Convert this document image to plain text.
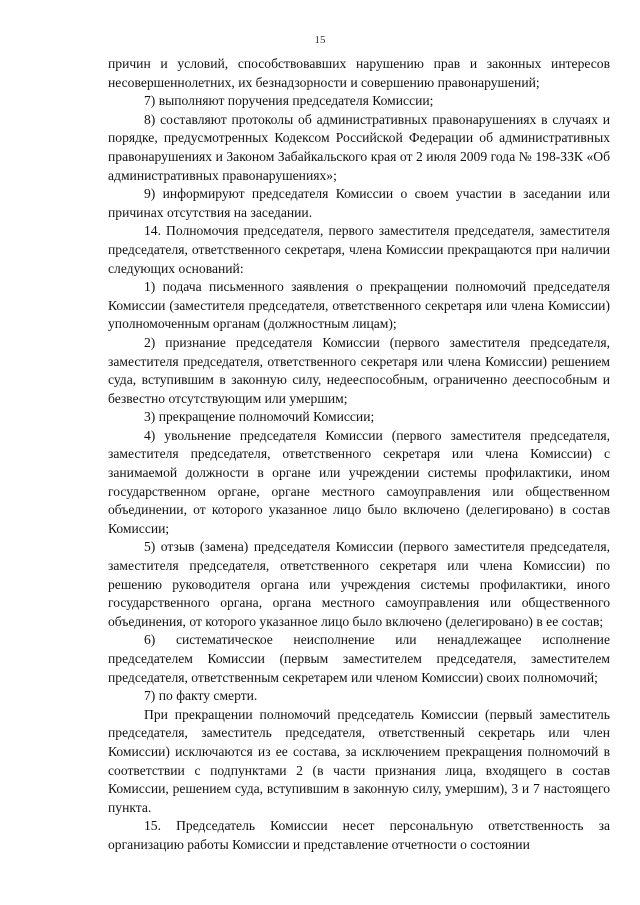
15

причин и условий, способствовавших нарушению прав и законных интересов несовершеннолетних, их безнадзорности и совершению правонарушений;

7) выполняют поручения председателя Комиссии;

8) составляют протоколы об административных правонарушениях в случаях и порядке, предусмотренных Кодексом Российской Федерации об административных правонарушениях и Законом Забайкальского края от 2 июля 2009 года № 198-ЗЗК «Об административных правонарушениях»;

9) информируют председателя Комиссии о своем участии в заседании или причинах отсутствия на заседании.

14. Полномочия председателя, первого заместителя председателя, заместителя председателя, ответственного секретаря, члена Комиссии прекращаются при наличии следующих оснований:

1) подача письменного заявления о прекращении полномочий председателя Комиссии (заместителя председателя, ответственного секретаря или члена Комиссии) уполномоченным органам (должностным лицам);

2) признание председателя Комиссии (первого заместителя председателя, заместителя председателя, ответственного секретаря или члена Комиссии) решением суда, вступившим в законную силу, недееспособным, ограниченно дееспособным и безвестно отсутствующим или умершим;

3) прекращение полномочий Комиссии;

4) увольнение председателя Комиссии (первого заместителя председателя, заместителя председателя, ответственного секретаря или члена Комиссии) с занимаемой должности в органе или учреждении системы профилактики, ином государственном органе, органе местного самоуправления или общественном объединении, от которого указанное лицо было включено (делегировано) в состав Комиссии;

5) отзыв (замена) председателя Комиссии (первого заместителя председателя, заместителя председателя, ответственного секретаря или члена Комиссии) по решению руководителя органа или учреждения системы профилактики, иного государственного органа, органа местного самоуправления или общественного объединения, от которого указанное лицо было включено (делегировано) в ее состав;

6) систематическое неисполнение или ненадлежащее исполнение председателем Комиссии (первым заместителем председателя, заместителем председателя, ответственным секретарем или членом Комиссии) своих полномочий;

7) по факту смерти.

При прекращении полномочий председатель Комиссии (первый заместитель председателя, заместитель председателя, ответственный секретарь или член Комиссии) исключаются из ее состава, за исключением прекращения полномочий в соответствии с подпунктами 2 (в части признания лица, входящего в состав Комиссии, решением суда, вступившим в законную силу, умершим), 3 и 7 настоящего пункта.

15. Председатель Комиссии несет персональную ответственность за организацию работы Комиссии и представление отчетности о состоянии
